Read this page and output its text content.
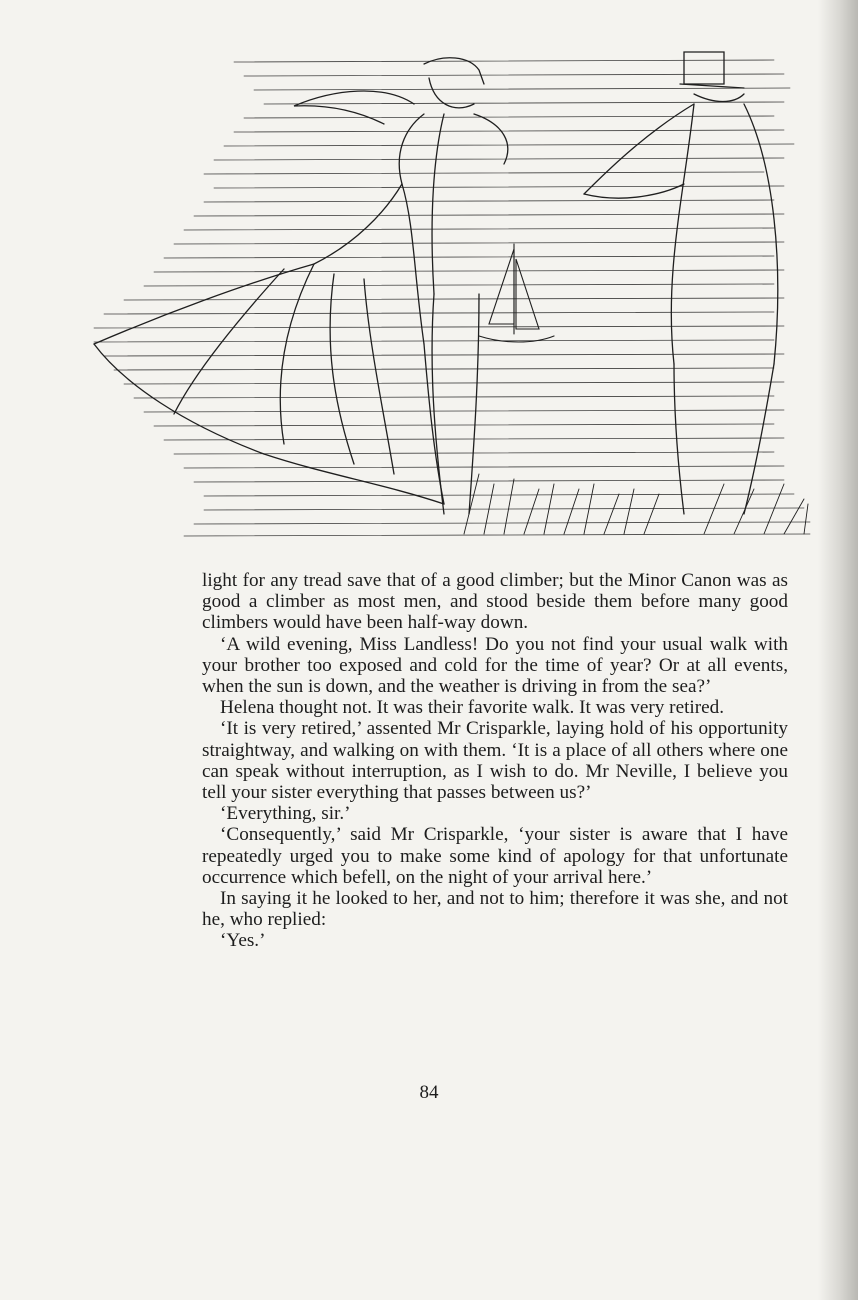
light for any tread save that of a good climber; but the Minor Canon was as good a climber as most men, and stood beside them before many good climbers would have been half-way down.

‘A wild evening, Miss Landless! Do you not find your usual walk with your brother too exposed and cold for the time of year? Or at all events, when the sun is down, and the weather is driving in from the sea?’

Helena thought not. It was their favorite walk. It was very retired.

‘It is very retired,’ assented Mr Crisparkle, laying hold of his opportunity straightway, and walking on with them. ‘It is a place of all others where one can speak without interruption, as I wish to do. Mr Neville, I believe you tell your sister everything that passes between us?’

‘Everything, sir.’

‘Consequently,’ said Mr Crisparkle, ‘your sister is aware that I have repeatedly urged you to make some kind of apology for that unfortunate occurrence which befell, on the night of your arrival here.’

In saying it he looked to her, and not to him; therefore it was she, and not he, who replied:

‘Yes.’

84
